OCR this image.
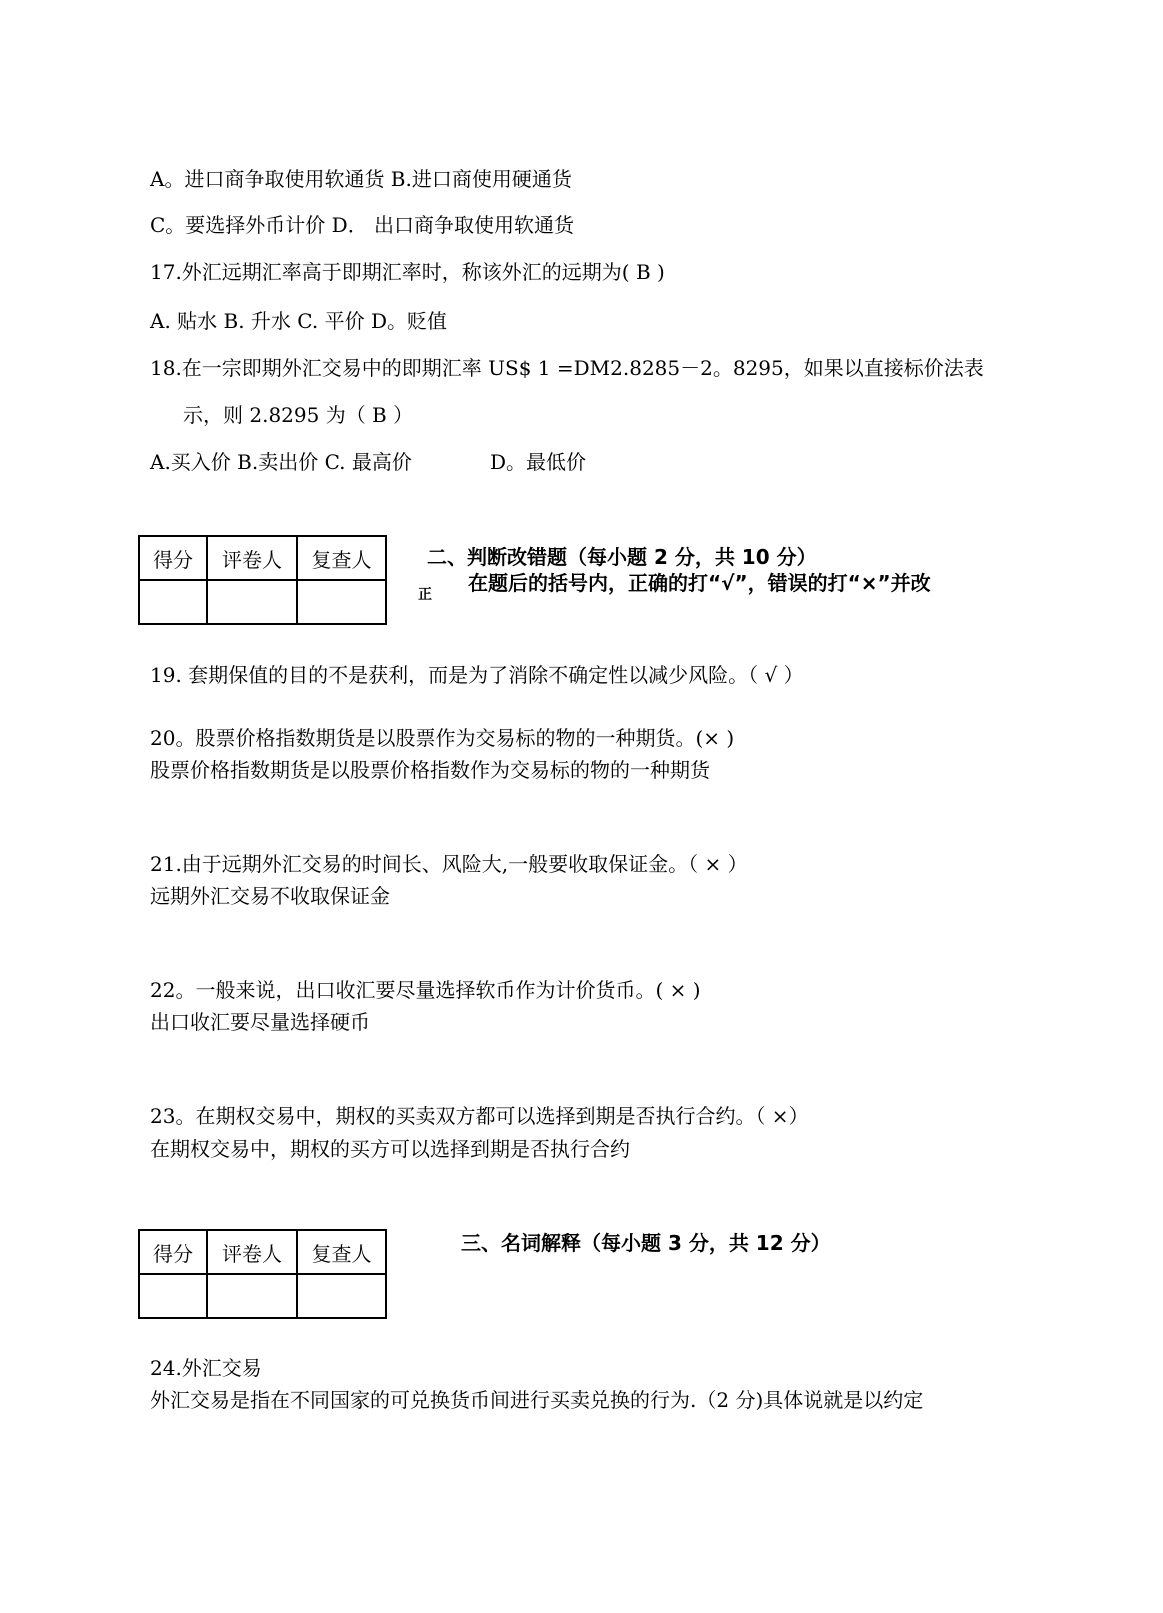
A。进口商争取使用软通货 B.进口商使用硬通货
C。要选择外币计价 D． 出口商争取使用软通货
17.外汇远期汇率高于即期汇率时，称该外汇的远期为( B )
A. 贴水 B. 升水 C. 平价 D。贬值
18.在一宗即期外汇交易中的即期汇率 US$ 1 =DM2.8285－2。8295，如果以直接标价法表
示，则 2.8295 为（ B ）
A.买入价 B.卖出价 C. 最高价	D。最低价
得分	评卷人	复查人
			二、判断改错题（每小题 2 分，共 10 分）
在题后的括号内，正确的打“√”，错误的打“×”并改
正
19. 套期保值的目的不是获利，而是为了消除不确定性以减少风险。（ √ ）
20。股票价格指数期货是以股票作为交易标的物的一种期货。(× )
股票价格指数期货是以股票价格指数作为交易标的物的一种期货
21.由于远期外汇交易的时间长、风险大,一般要收取保证金。（ × ）
远期外汇交易不收取保证金
22。一般来说，出口收汇要尽量选择软币作为计价货币。( × )
出口收汇要尽量选择硬币
23。在期权交易中，期权的买卖双方都可以选择到期是否执行合约。（ ×）
在期权交易中，期权的买方可以选择到期是否执行合约
得分	评卷人	复查人
			三、名词解释（每小题 3 分，共 12 分）
24.外汇交易
外汇交易是指在不同国家的可兑换货币间进行买卖兑换的行为.（2 分)具体说就是以约定
